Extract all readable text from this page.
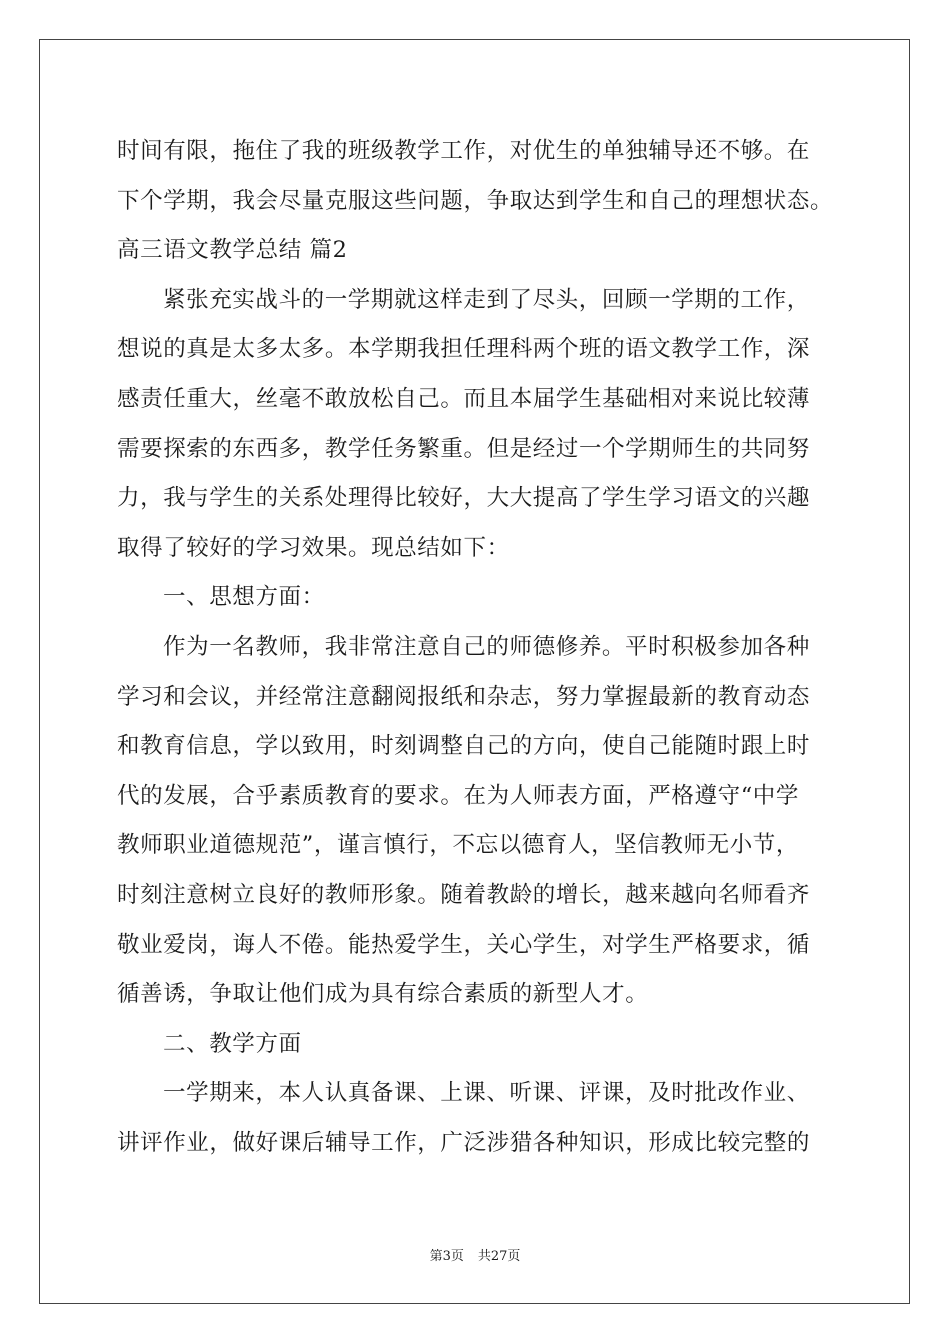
时间有限，拖住了我的班级教学工作，对优生的单独辅导还不够。在
下个学期，我会尽量克服这些问题，争取达到学生和自己的理想状态。
高三语文教学总结 篇2
紧张充实战斗的一学期就这样走到了尽头，回顾一学期的工作，
想说的真是太多太多。本学期我担任理科两个班的语文教学工作，深
感责任重大，丝毫不敢放松自己。而且本届学生基础相对来说比较薄
需要探索的东西多，教学任务繁重。但是经过一个学期师生的共同努
力，我与学生的关系处理得比较好，大大提高了学生学习语文的兴趣
取得了较好的学习效果。现总结如下：
一、思想方面：
作为一名教师，我非常注意自己的师德修养。平时积极参加各种
学习和会议，并经常注意翻阅报纸和杂志，努力掌握最新的教育动态
和教育信息，学以致用，时刻调整自己的方向，使自己能随时跟上时
代的发展，合乎素质教育的要求。在为人师表方面，严格遵守“中学
教师职业道德规范”，谨言慎行，不忘以德育人，坚信教师无小节，
时刻注意树立良好的教师形象。随着教龄的增长，越来越向名师看齐
敬业爱岗，诲人不倦。能热爱学生，关心学生，对学生严格要求，循
循善诱，争取让他们成为具有综合素质的新型人才。
二、教学方面
一学期来，本人认真备课、上课、听课、评课，及时批改作业、
讲评作业，做好课后辅导工作，广泛涉猎各种知识，形成比较完整的
第3页 共27页
